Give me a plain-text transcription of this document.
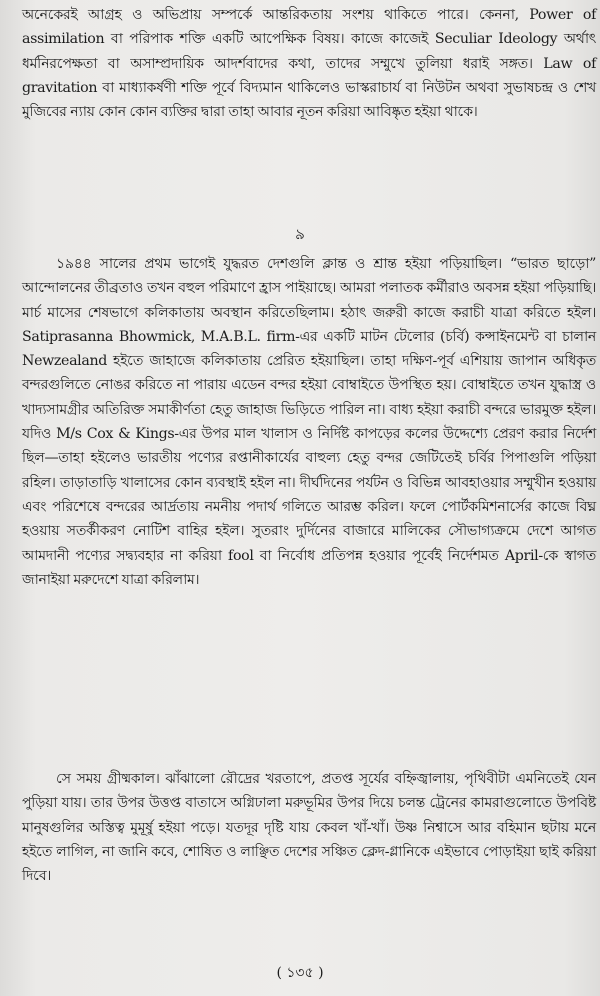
অনেকেরই আগ্রহ ও অভিপ্রায় সম্পর্কে আন্তরিকতায় সংশয় থাকিতে পারে। কেননা, Power of assimilation বা পরিপাক শক্তি একটি আপেক্ষিক বিষয়। কাজে কাজেই Seculiar Ideology অর্থাৎ ধর্মনিরপেক্ষতা বা অসাম্প্রদায়িক আদর্শবাদের কথা, তাদের সম্মুখে তুলিয়া ধরাই সঙ্গত। Law of gravitation বা মাধ্যাকর্ষণী শক্তি পূর্বে বিদ্যমান থাকিলেও ভাস্করাচার্য বা নিউটন অথবা সুভাষচন্দ্র ও শেখ মুজিবের ন্যায় কোন কোন ব্যক্তির দ্বারা তাহা আবার নূতন করিয়া আবিষ্কৃত হইয়া থাকে।

৯

১৯৪৪ সালের প্রথম ভাগেই যুদ্ধরত দেশগুলি ক্লান্ত ও শ্রান্ত হইয়া পড়িয়াছিল। “ভারত ছাড়ো” আন্দোলনের তীব্রতাও তখন বহুল পরিমাণে হ্রাস পাইয়াছে। আমরা পলাতক কর্মীরাও অবসন্ন হইয়া পড়িয়াছি। মার্চ মাসের শেষভাগে কলিকাতায় অবস্থান করিতেছিলাম। হঠাৎ জরুরী কাজে করাচী যাত্রা করিতে হইল। Satiprasanna Bhowmick, M.A.B.L. firm-এর একটি মাটন টেলোর (চর্বি) কন্সাইনমেন্ট বা চালান Newzealand হইতে জাহাজে কলিকাতায় প্রেরিত হইয়াছিল। তাহা দক্ষিণ-পূর্ব এশিয়ায় জাপান অধিকৃত বন্দরগুলিতে নোঙর করিতে না পারায় এডেন বন্দর হইয়া বোম্বাইতে উপস্থিত হয়। বোম্বাইতে তখন যুদ্ধাস্ত্র ও খাদ্যসামগ্রীর অতিরিক্ত সমাকীর্ণতা হেতু জাহাজ ভিড়িতে পারিল না। বাধ্য হইয়া করাচী বন্দরে ভারমুক্ত হইল। যদিও M/s Cox & Kings-এর উপর মাল খালাস ও নির্দিষ্ট কাপড়ের কলের উদ্দেশ্যে প্রেরণ করার নির্দেশ ছিল—তাহা হইলেও ভারতীয় পণ্যের রপ্তানীকার্যের বাহুল্য হেতু বন্দর জেটিতেই চর্বির পিপাগুলি পড়িয়া রহিল। তাড়াতাড়ি খালাসের কোন ব্যবস্থাই হইল না। দীর্ঘদিনের পর্যটন ও বিভিন্ন আবহাওয়ার সম্মুখীন হওয়ায় এবং পরিশেষে বন্দরের আর্দ্রতায় নমনীয় পদার্থ গলিতে আরম্ভ করিল। ফলে পোর্টকমিশনার্সের কাজে বিঘ্ন হওয়ায় সতর্কীকরণ নোটিশ বাহির হইল। সুতরাং দুর্দিনের বাজারে মালিকের সৌভাগ্যক্রমে দেশে আগত আমদানী পণ্যের সদ্ব্যবহার না করিয়া fool বা নির্বোধ প্রতিপন্ন হওয়ার পূর্বেই নির্দেশমত April-কে স্বাগত জানাইয়া মরুদেশে যাত্রা করিলাম।

সে সময় গ্রীষ্মকাল। ঝাঁঝালো রৌদ্রের খরতাপে, প্রতপ্ত সূর্যের বহ্নিজ্বালায়, পৃথিবীটা এমনিতেই যেন পুড়িয়া যায়। তার উপর উত্তপ্ত বাতাসে অগ্নিঢালা মরুভূমির উপর দিয়ে চলন্ত ট্রেনের কামরাগুলোতে উপবিষ্ট মানুষগুলির অস্তিত্ব মুমূর্ষু হইয়া পড়ে। যতদূর দৃষ্টি যায় কেবল খাঁ-খাঁ। উষ্ণ নিশ্বাসে আর বহিমান ছটায় মনে হইতে লাগিল, না জানি কবে, শোষিত ও লাঞ্ছিত দেশের সঞ্চিত ক্লেদ-গ্লানিকে এইভাবে পোড়াইয়া ছাই করিয়া দিবে।

( ১৩৫ )
